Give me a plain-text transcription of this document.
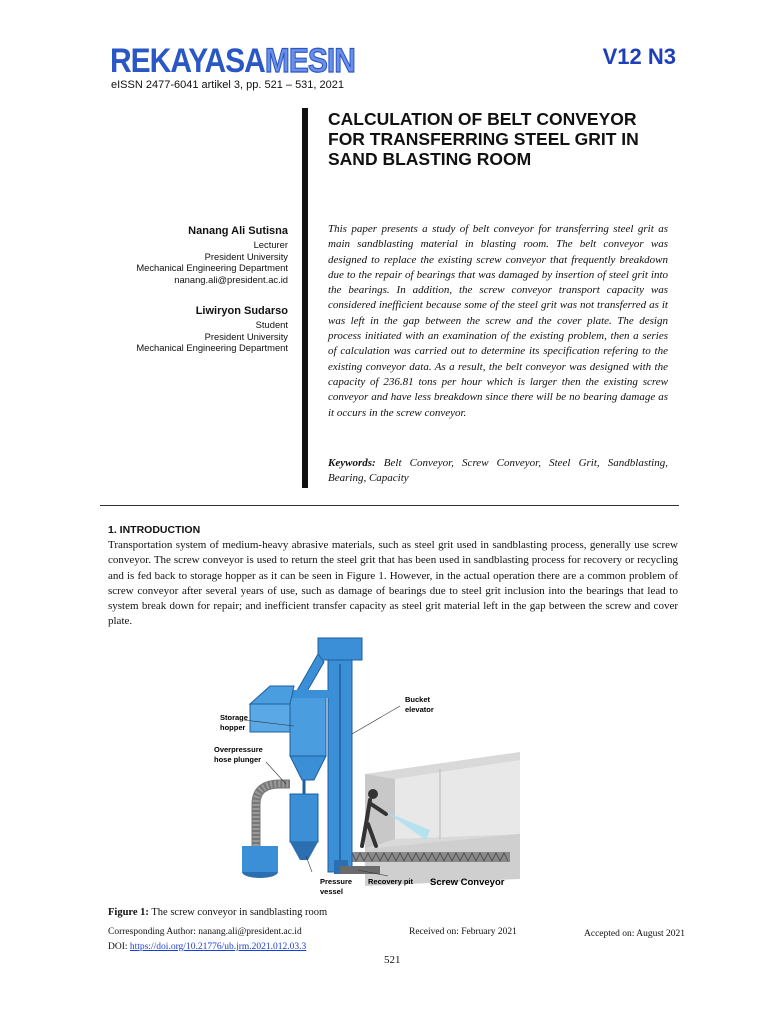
REKAYASAMESIN	V12 N3
eISSN 2477-6041 artikel 3, pp. 521 – 531, 2021
CALCULATION OF BELT CONVEYOR FOR TRANSFERRING STEEL GRIT IN SAND BLASTING ROOM
Nanang Ali Sutisna
Lecturer
President University
Mechanical Engineering Department
nanang.ali@president.ac.id
Liwiryon Sudarso
Student
President University
Mechanical Engineering Department
This paper presents a study of belt conveyor for transferring steel grit as main sandblasting material in blasting room. The belt conveyor was designed to replace the existing screw conveyor that frequently breakdown due to the repair of bearings that was damaged by insertion of steel grit into the bearings. In addition, the screw conveyor transport capacity was considered inefficient because some of the steel grit was not transferred as it was left in the gap between the screw and the cover plate. The design process initiated with an examination of the existing problem, then a series of calculation was carried out to determine its specification refering to the existing conveyor data. As a result, the belt conveyor was designed with the capacity of 236.81 tons per hour which is larger then the existing screw conveyor and have less breakdown since there will be no bearing damage as it occurs in the screw conveyor.
Keywords: Belt Conveyor, Screw Conveyor, Steel Grit, Sandblasting, Bearing, Capacity
1. INTRODUCTION
Transportation system of medium-heavy abrasive materials, such as steel grit used in sandblasting process, generally use screw conveyor. The screw conveyor is used to return the steel grit that has been used in sandblasting process for recovery or recycling and is fed back to storage hopper as it can be seen in Figure 1. However, in the actual operation there are a common problem of screw conveyor after several years of use, such as damage of bearings due to steel grit inclusion into the bearings that lead to system break down for repair; and inefficient transfer capacity as steel grit material left in the gap between the screw and cover plate.
Storage
hopper
Overpressure
hose plunger
Bucket
elevator
Pressure
vessel
Recovery pit Screw Conveyor
Figure 1: The screw conveyor in sandblasting room
Corresponding Author: nanang.ali@president.ac.id	Received on: February 2021	Accepted on: August 2021
DOI: https://doi.org/10.21776/ub.jrm.2021.012.03.3
521
